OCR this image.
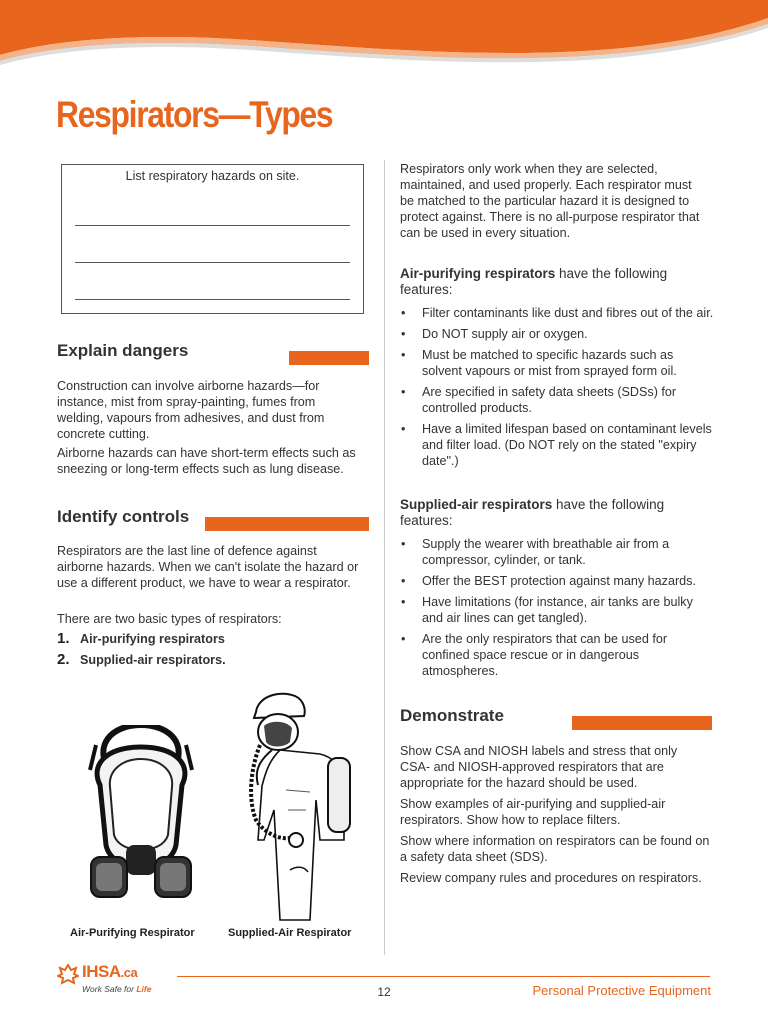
Respirators—Types
List respiratory hazards on site.
Explain dangers

Construction can involve airborne hazards—for instance, mist from spray-painting, fumes from welding, vapours from adhesives, and dust from concrete cutting.

Airborne hazards can have short-term effects such as sneezing or long-term effects such as lung disease.

Identify controls

Respirators are the last line of defence against airborne hazards. When we can't isolate the hazard or use a different product, we have to wear a respirator.

There are two basic types of respirators:

1. Air-purifying respirators
2. Supplied-air respirators.
Air-Purifying Respirator	Supplied-Air Respirator

Respirators only work when they are selected, maintained, and used properly. Each respirator must be matched to the particular hazard it is designed to protect against. There is no all-purpose respirator that can be used in every situation.

Air-purifying respirators have the following features:

• Filter contaminants like dust and fibres out of the air.
• Do NOT supply air or oxygen.
• Must be matched to specific hazards such as solvent vapours or mist from sprayed form oil.
• Are specified in safety data sheets (SDSs) for controlled products.
• Have a limited lifespan based on contaminant levels and filter load. (Do NOT rely on the stated "expiry date".)

Supplied-air respirators have the following features:

• Supply the wearer with breathable air from a compressor, cylinder, or tank.
• Offer the BEST protection against many hazards.
• Have limitations (for instance, air tanks are bulky and air lines can get tangled).
• Are the only respirators that can be used for confined space rescue or in dangerous atmospheres.
Demonstrate

Show CSA and NIOSH labels and stress that only CSA- and NIOSH-approved respirators that are appropriate for the hazard should be used.

Show examples of air-purifying and supplied-air respirators. Show how to replace filters.

Show where information on respirators can be found on a safety data sheet (SDS).

Review company rules and procedures on respirators.

IHSA.ca
Work Safe for Life	12	Personal Protective Equipment
